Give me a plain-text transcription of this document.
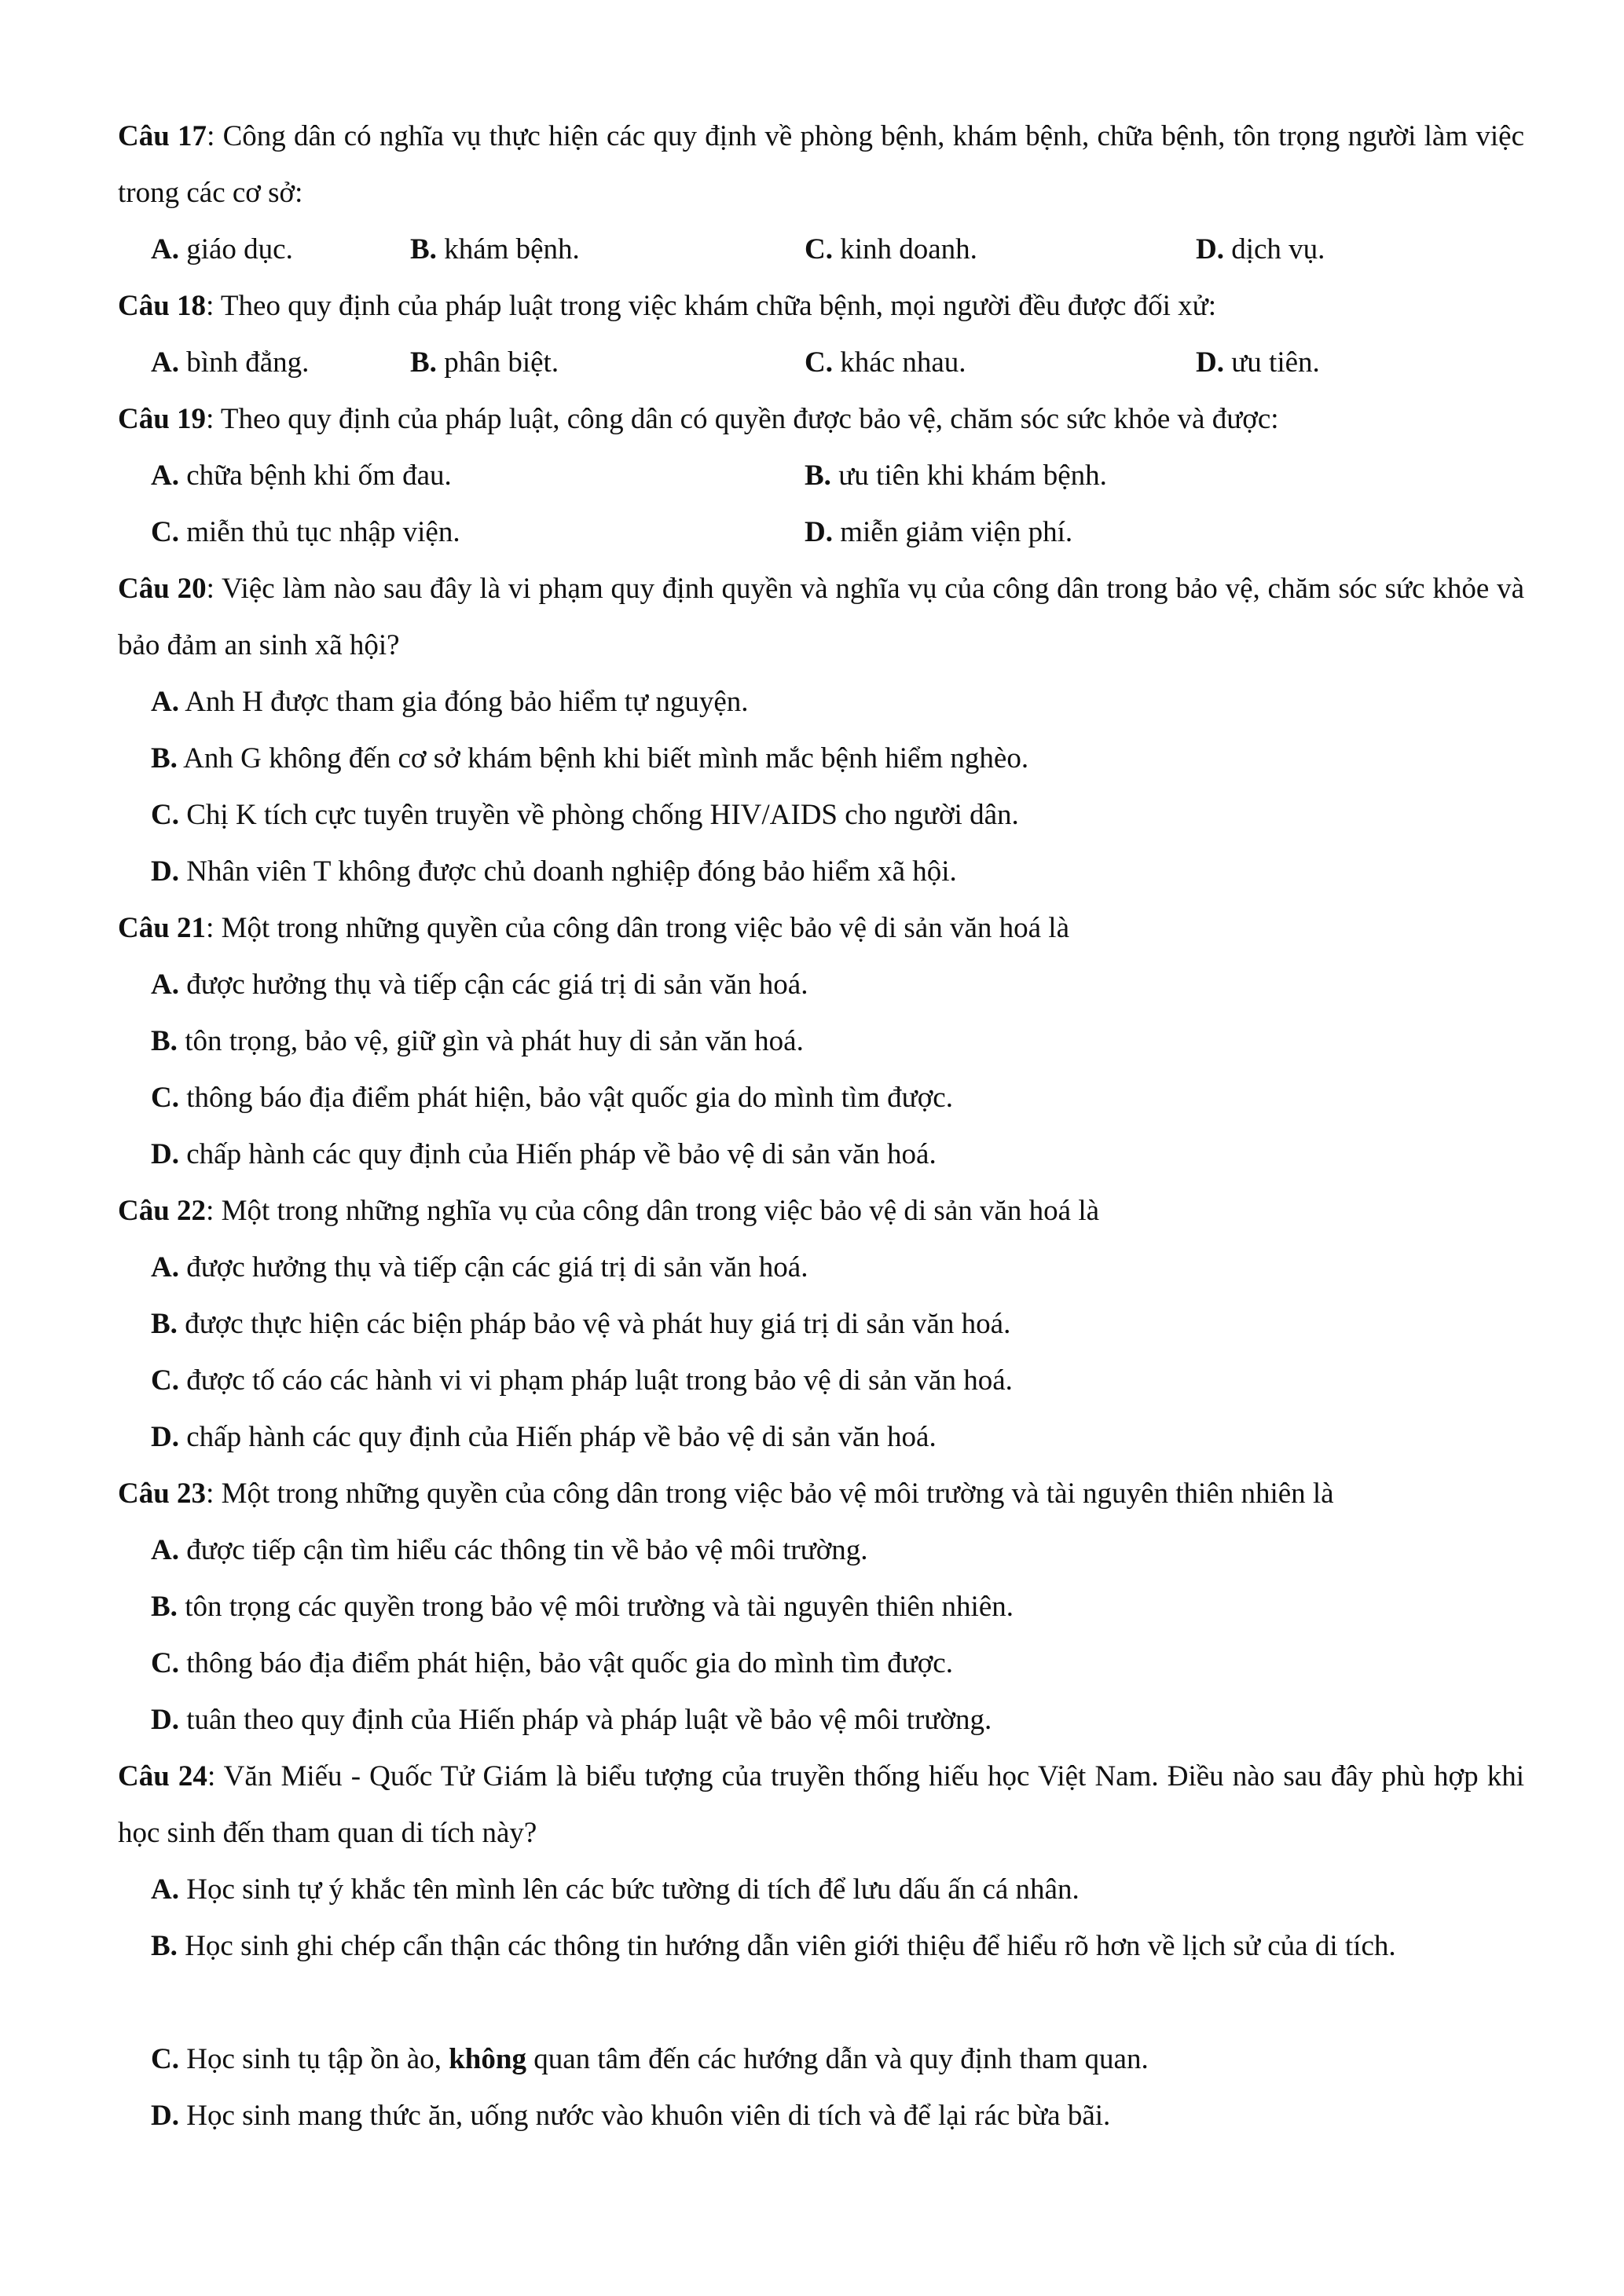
Câu 17: Công dân có nghĩa vụ thực hiện các quy định về phòng bệnh, khám bệnh, chữa bệnh, tôn trọng người làm việc trong các cơ sở:
A. giáo dục.	B. khám bệnh.	C. kinh doanh.	D. dịch vụ.
Câu 18: Theo quy định của pháp luật trong việc khám chữa bệnh, mọi người đều được đối xử:
A. bình đẳng.	B. phân biệt.	C. khác nhau.	D. ưu tiên.
Câu 19: Theo quy định của pháp luật, công dân có quyền được bảo vệ, chăm sóc sức khỏe và được:
A. chữa bệnh khi ốm đau.	B. ưu tiên khi khám bệnh.
C. miễn thủ tục nhập viện.	D. miễn giảm viện phí.
Câu 20: Việc làm nào sau đây là vi phạm quy định quyền và nghĩa vụ của công dân trong bảo vệ, chăm sóc sức khỏe và bảo đảm an sinh xã hội?
A. Anh H được tham gia đóng bảo hiểm tự nguyện.
B. Anh G không đến cơ sở khám bệnh khi biết mình mắc bệnh hiểm nghèo.
C. Chị K tích cực tuyên truyền về phòng chống HIV/AIDS cho người dân.
D. Nhân viên T không được chủ doanh nghiệp đóng bảo hiểm xã hội.
Câu 21: Một trong những quyền của công dân trong việc bảo vệ di sản văn hoá là
A. được hưởng thụ và tiếp cận các giá trị di sản văn hoá.
B. tôn trọng, bảo vệ, giữ gìn và phát huy di sản văn hoá.
C. thông báo địa điểm phát hiện, bảo vật quốc gia do mình tìm được.
D. chấp hành các quy định của Hiến pháp về bảo vệ di sản văn hoá.
Câu 22: Một trong những nghĩa vụ của công dân trong việc bảo vệ di sản văn hoá là
A. được hưởng thụ và tiếp cận các giá trị di sản văn hoá.
B. được thực hiện các biện pháp bảo vệ và phát huy giá trị di sản văn hoá.
C. được tố cáo các hành vi vi phạm pháp luật trong bảo vệ di sản văn hoá.
D. chấp hành các quy định của Hiến pháp về bảo vệ di sản văn hoá.
Câu 23: Một trong những quyền của công dân trong việc bảo vệ môi trường và tài nguyên thiên nhiên là
A. được tiếp cận tìm hiểu các thông tin về bảo vệ môi trường.
B. tôn trọng các quyền trong bảo vệ môi trường và tài nguyên thiên nhiên.
C. thông báo địa điểm phát hiện, bảo vật quốc gia do mình tìm được.
D. tuân theo quy định của Hiến pháp và pháp luật về bảo vệ môi trường.
Câu 24: Văn Miếu - Quốc Tử Giám là biểu tượng của truyền thống hiếu học Việt Nam. Điều nào sau đây phù hợp khi học sinh đến tham quan di tích này?
A. Học sinh tự ý khắc tên mình lên các bức tường di tích để lưu dấu ấn cá nhân.
B. Học sinh ghi chép cẩn thận các thông tin hướng dẫn viên giới thiệu để hiểu rõ hơn về lịch sử của di tích.
C. Học sinh tụ tập ồn ào, không quan tâm đến các hướng dẫn và quy định tham quan.
D. Học sinh mang thức ăn, uống nước vào khuôn viên di tích và để lại rác bừa bãi.
